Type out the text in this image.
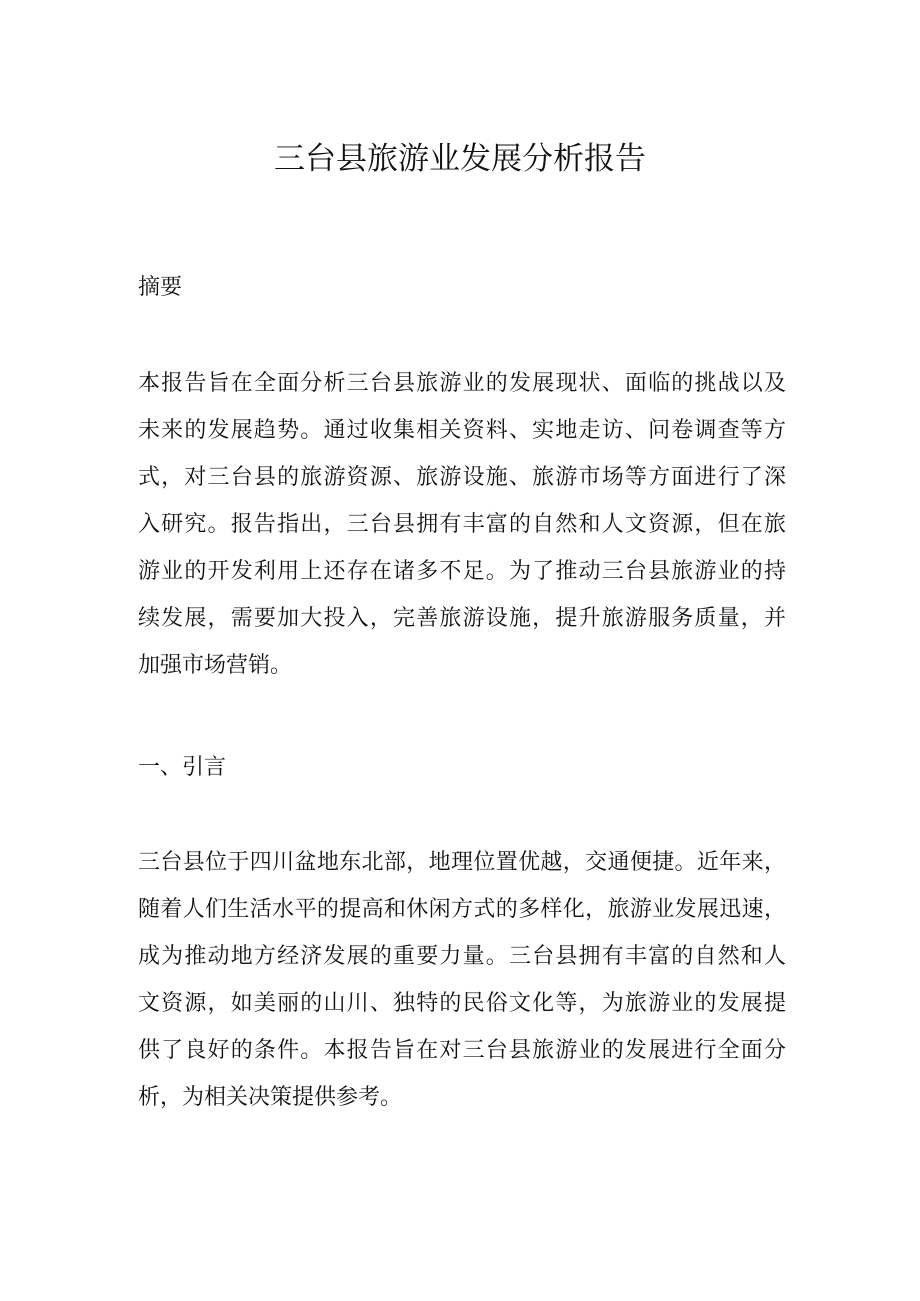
三台县旅游业发展分析报告
摘要
本报告旨在全面分析三台县旅游业的发展现状、面临的挑战以及
未来的发展趋势。通过收集相关资料、实地走访、问卷调查等方
式，对三台县的旅游资源、旅游设施、旅游市场等方面进行了深
入研究。报告指出，三台县拥有丰富的自然和人文资源，但在旅
游业的开发利用上还存在诸多不足。为了推动三台县旅游业的持
续发展，需要加大投入，完善旅游设施，提升旅游服务质量，并
加强市场营销。
一、引言
三台县位于四川盆地东北部，地理位置优越，交通便捷。近年来，
随着人们生活水平的提高和休闲方式的多样化，旅游业发展迅速，
成为推动地方经济发展的重要力量。三台县拥有丰富的自然和人
文资源，如美丽的山川、独特的民俗文化等，为旅游业的发展提
供了良好的条件。本报告旨在对三台县旅游业的发展进行全面分
析，为相关决策提供参考。
